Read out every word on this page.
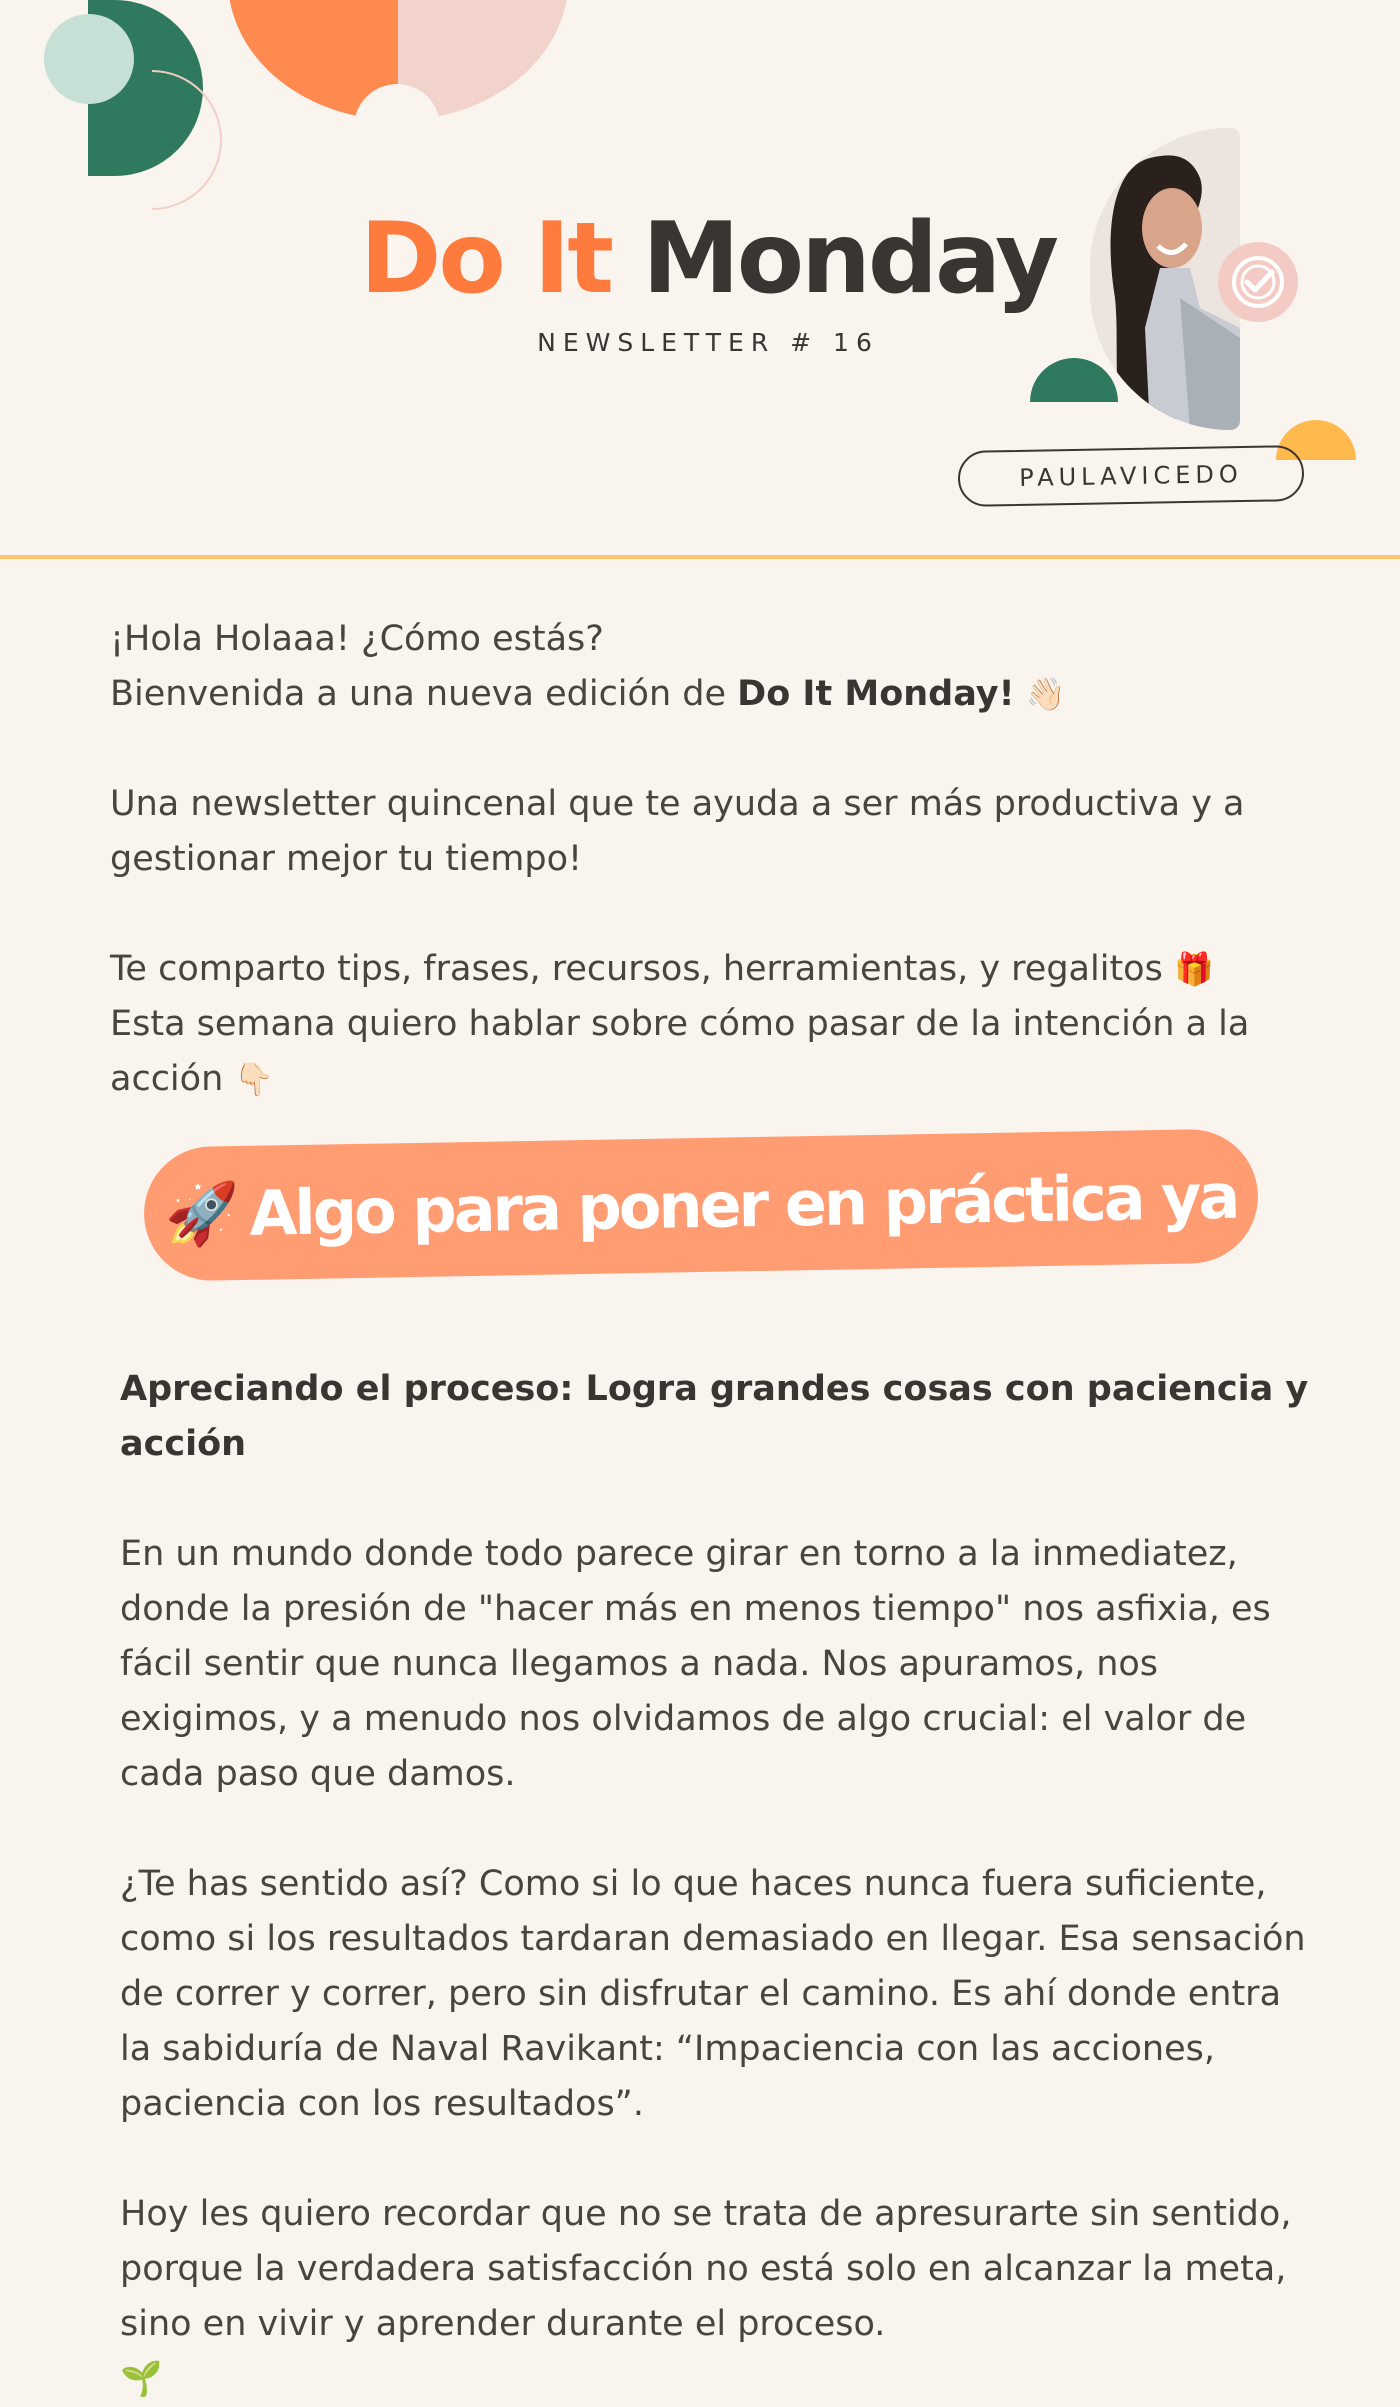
Do It Monday
NEWSLETTER # 16
PAULAVICEDO

¡Hola Holaaa! ¿Cómo estás?

Bienvenida a una nueva edición de Do It Monday! 👋🏻

Una newsletter quincenal que te ayuda a ser más productiva y a gestionar mejor tu tiempo!

Te comparto tips, frases, recursos, herramientas, y regalitos 🎁

Esta semana quiero hablar sobre cómo pasar de la intención a la acción 👇🏻

🚀 Algo para poner en práctica ya

Apreciando el proceso: Logra grandes cosas con paciencia y acción

En un mundo donde todo parece girar en torno a la inmediatez, donde la presión de "hacer más en menos tiempo" nos asfixia, es fácil sentir que nunca llegamos a nada. Nos apuramos, nos exigimos, y a menudo nos olvidamos de algo crucial: el valor de cada paso que damos.

¿Te has sentido así? Como si lo que haces nunca fuera suficiente, como si los resultados tardaran demasiado en llegar. Esa sensación de correr y correr, pero sin disfrutar el camino. Es ahí donde entra la sabiduría de Naval Ravikant: “Impaciencia con las acciones, paciencia con los resultados”.

Hoy les quiero recordar que no se trata de apresurarte sin sentido, porque la verdadera satisfacción no está solo en alcanzar la meta, sino en vivir y aprender durante el proceso.

🌱
